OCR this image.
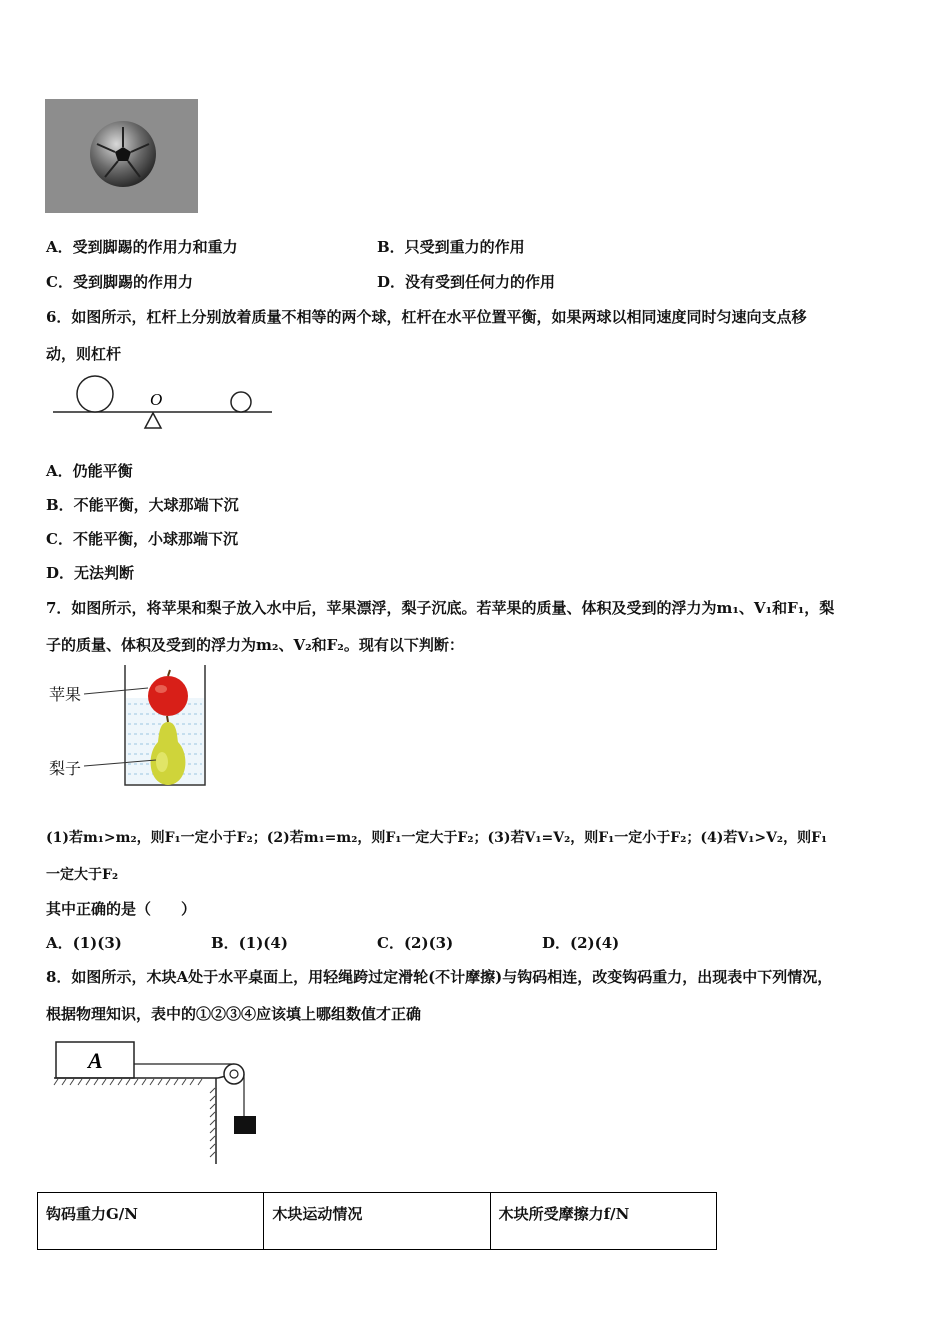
A．受到脚踢的作用力和重力	B．只受到重力的作用
C．受到脚踢的作用力	D．没有受到任何力的作用
6．如图所示，杠杆上分别放着质量不相等的两个球，杠杆在水平位置平衡，如果两球以相同速度同时匀速向支点移
动，则杠杆
O
A．仍能平衡
B．不能平衡，大球那端下沉
C．不能平衡，小球那端下沉
D．无法判断
7．如图所示，将苹果和梨子放入水中后，苹果漂浮，梨子沉底。若苹果的质量、体积及受到的浮力为m₁、V₁和F₁，梨
子的质量、体积及受到的浮力为m₂、V₂和F₂。现有以下判断：
苹果
梨子
(1)若m₁>m₂，则F₁一定小于F₂；(2)若m₁=m₂，则F₁一定大于F₂；(3)若V₁=V₂，则F₁一定小于F₂；(4)若V₁>V₂，则F₁
一定大于F₂
其中正确的是（　　）
A．(1)(3)	B．(1)(4)	C．(2)(3)	D．(2)(4)
8．如图所示，木块A处于水平桌面上，用轻绳跨过定滑轮(不计摩擦)与钩码相连，改变钩码重力，出现表中下列情况，
根据物理知识，表中的①②③④应该填上哪组数值才正确
A
钩码重力G/N	木块运动情况	木块所受摩擦力f/N
